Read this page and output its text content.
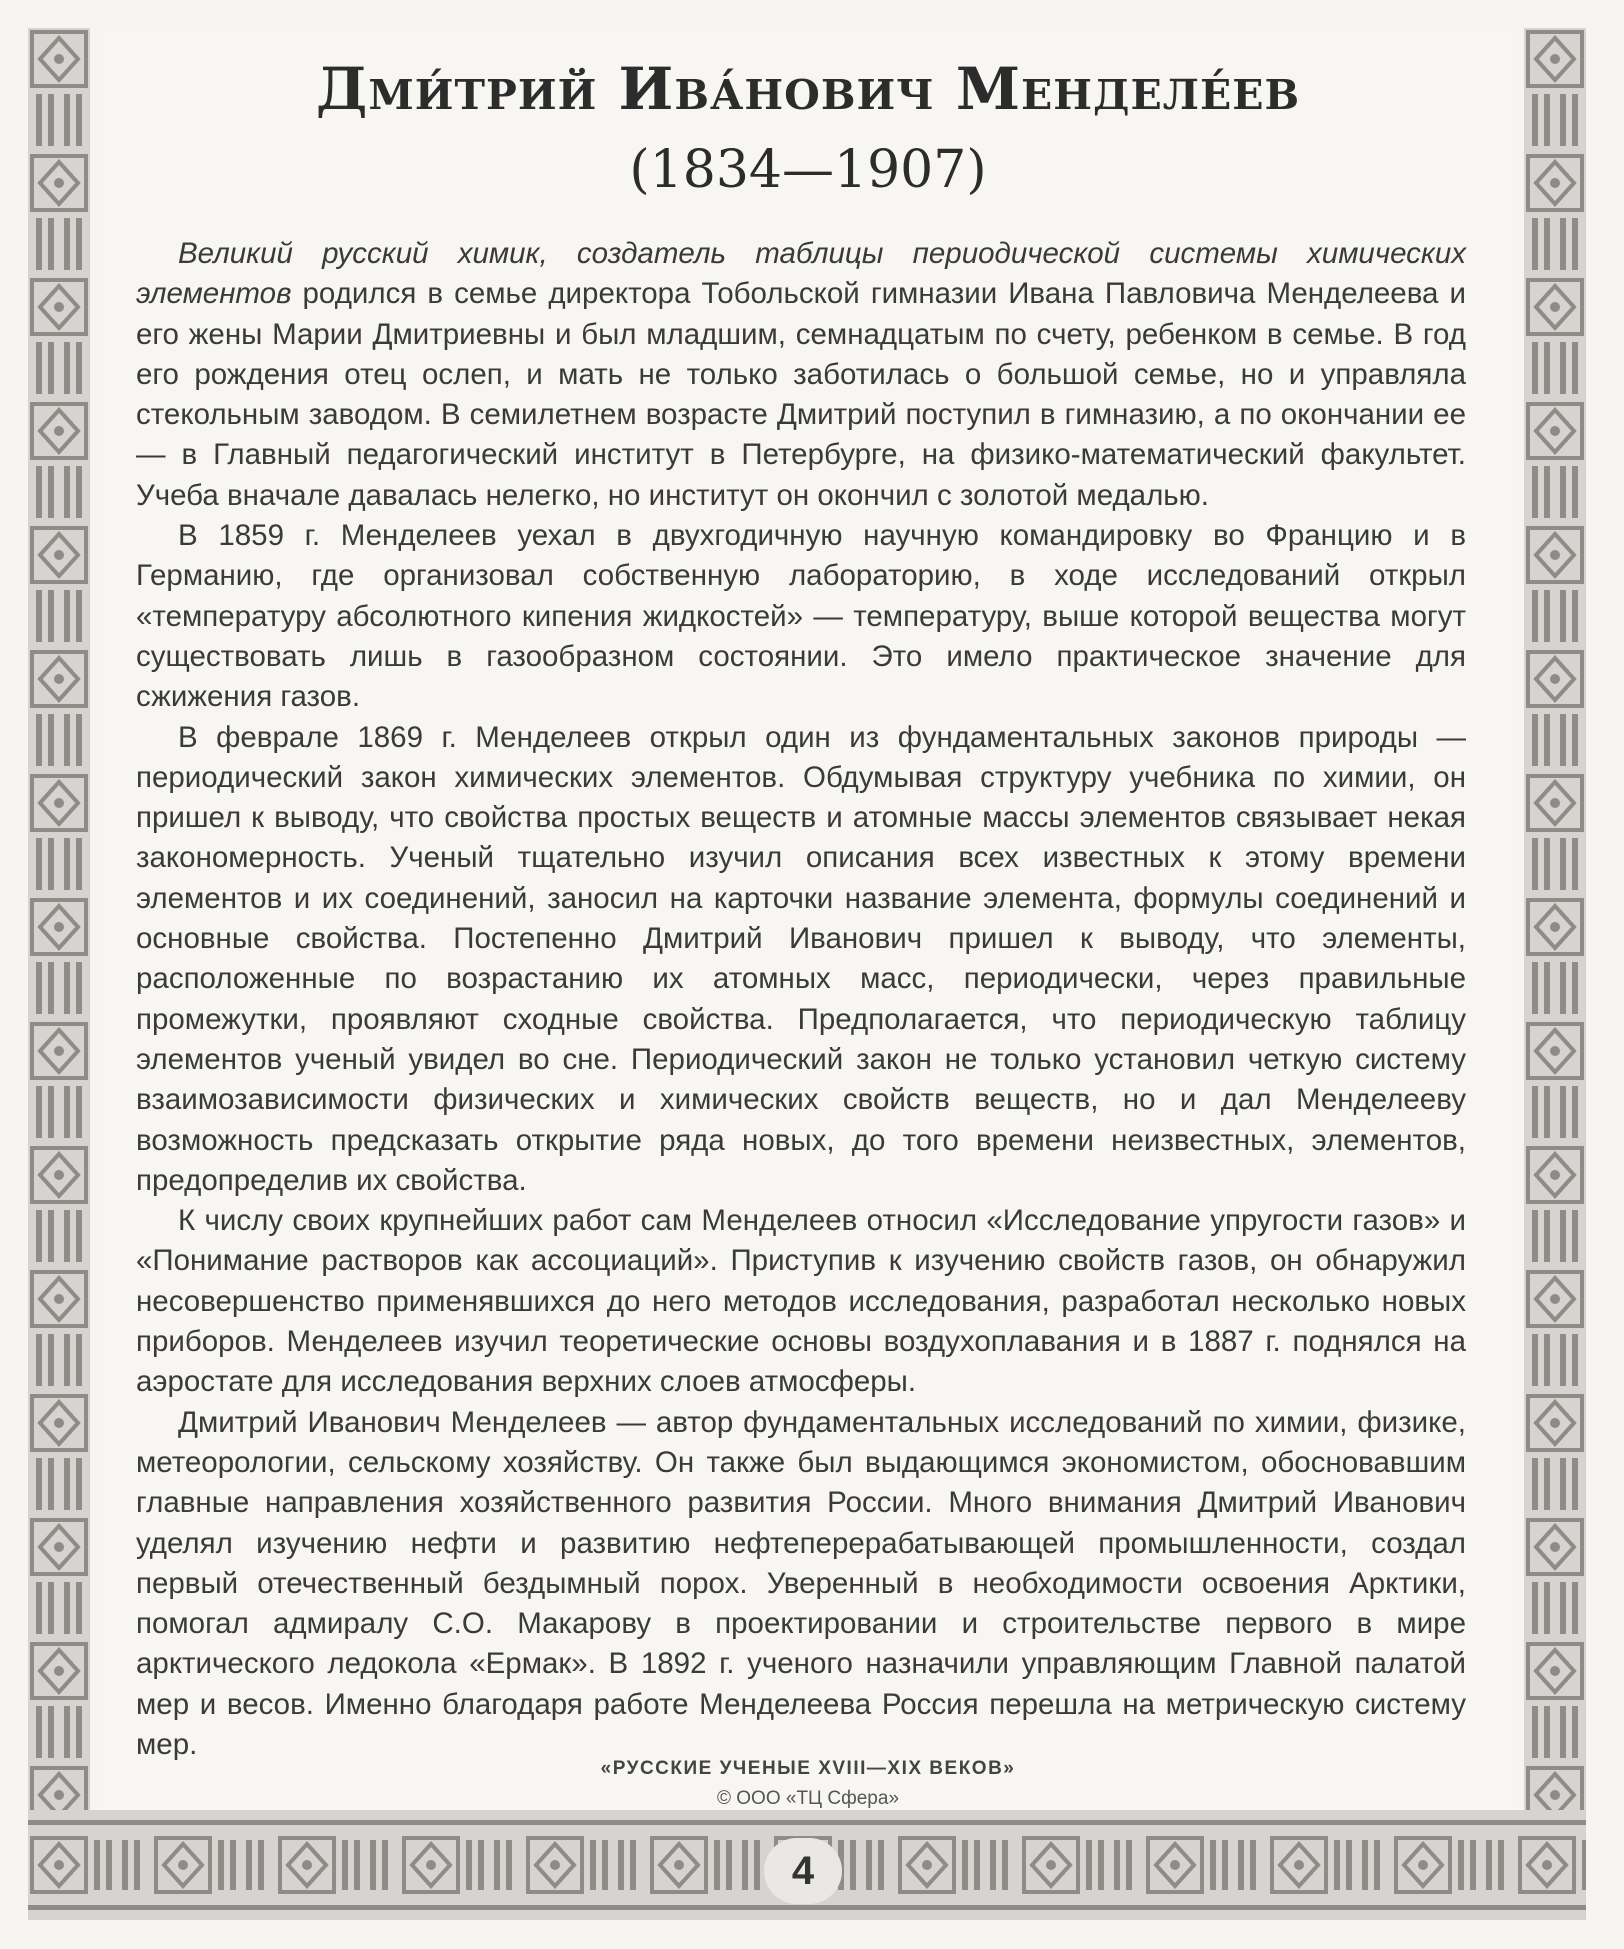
Дми́трий Ива́нович Менделе́ев
(1834—1907)

Великий русский химик, создатель таблицы периодической системы химических элементов родился в семье директора Тобольской гимназии Ивана Павловича Менделеева и его жены Марии Дмитриевны и был младшим, семнадцатым по счету, ребенком в семье. В год его рождения отец ослеп, и мать не только заботилась о большой семье, но и управляла стекольным заводом. В семилетнем возрасте Дмитрий поступил в гимназию, а по окончании ее — в Главный педагогический институт в Петербурге, на физико-математический факультет. Учеба вначале давалась нелегко, но институт он окончил с золотой медалью.

В 1859 г. Менделеев уехал в двухгодичную научную командировку во Францию и в Германию, где организовал собственную лабораторию, в ходе исследований открыл «температуру абсолютного кипения жидкостей» — температуру, выше которой вещества могут существовать лишь в газообразном состоянии. Это имело практическое значение для сжижения газов.

В феврале 1869 г. Менделеев открыл один из фундаментальных законов природы — периодический закон химических элементов. Обдумывая структуру учебника по химии, он пришел к выводу, что свойства простых веществ и атомные массы элементов связывает некая закономерность. Ученый тщательно изучил описания всех известных к этому времени элементов и их соединений, заносил на карточки название элемента, формулы соединений и основные свойства. Постепенно Дмитрий Иванович пришел к выводу, что элементы, расположенные по возрастанию их атомных масс, периодически, через правильные промежутки, проявляют сходные свойства. Предполагается, что периодическую таблицу элементов ученый увидел во сне. Периодический закон не только установил четкую систему взаимозависимости физических и химических свойств веществ, но и дал Менделееву возможность предсказать открытие ряда новых, до того времени неизвестных, элементов, предопределив их свойства.

К числу своих крупнейших работ сам Менделеев относил «Исследование упругости газов» и «Понимание растворов как ассоциаций». Приступив к изучению свойств газов, он обнаружил несовершенство применявшихся до него методов исследования, разработал несколько новых приборов. Менделеев изучил теоретические основы воздухоплавания и в 1887 г. поднялся на аэростате для исследования верхних слоев атмосферы.

Дмитрий Иванович Менделеев — автор фундаментальных исследований по химии, физике, метеорологии, сельскому хозяйству. Он также был выдающимся экономистом, обосновавшим главные направления хозяйственного развития России. Много внимания Дмитрий Иванович уделял изучению нефти и развитию нефтеперерабатывающей промышленности, создал первый отечественный бездымный порох. Уверенный в необходимости освоения Арктики, помогал адмиралу С.О. Макарову в проектировании и строительстве первого в мире арктического ледокола «Ермак». В 1892 г. ученого назначили управляющим Главной палатой мер и весов. Именно благодаря работе Менделеева Россия перешла на метрическую систему мер.

«РУССКИЕ УЧЕНЫЕ XVIII—XIX ВЕКОВ»
© ООО «ТЦ Сфера»
4
